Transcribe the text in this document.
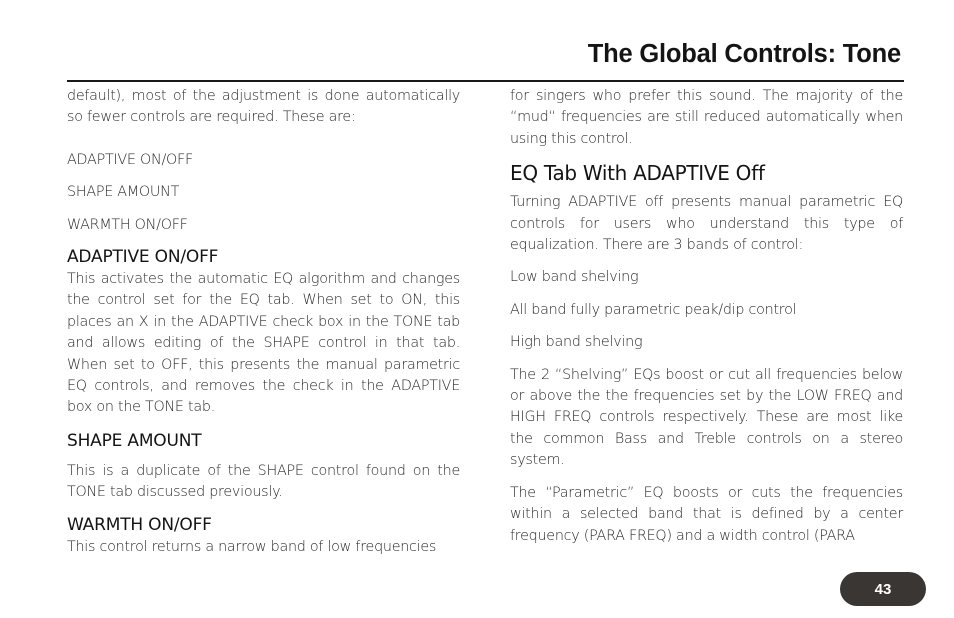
The Global Controls: Tone

default), most of the adjustment is done automatically so fewer controls are required. These are:

ADAPTIVE ON/OFF

SHAPE AMOUNT

WARMTH ON/OFF

ADAPTIVE ON/OFF

This activates the automatic EQ algorithm and changes the control set for the EQ tab. When set to ON, this places an X in the ADAPTIVE check box in the TONE tab and allows editing of the SHAPE control in that tab. When set to OFF, this presents the manual parametric EQ controls, and removes the check in the ADAPTIVE box on the TONE tab.

SHAPE AMOUNT

This is a duplicate of the SHAPE control found on the TONE tab discussed previously.

WARMTH ON/OFF

This control returns a narrow band of low frequencies

for singers who prefer this sound. The majority of the “mud“ frequencies are still reduced automatically when using this control.

EQ Tab With ADAPTIVE Off

Turning ADAPTIVE off presents manual parametric EQ controls for users who understand this type of equalization. There are 3 bands of control:

Low band shelving

All band fully parametric peak/dip control

High band shelving

The 2 “Shelving” EQs boost or cut all frequencies below or above the the frequencies set by the LOW FREQ and HIGH FREQ controls respectively. These are most like the common Bass and Treble controls on a stereo system.

The “Parametric” EQ boosts or cuts the frequencies within a selected band that is defined by a center frequency (PARA FREQ) and a width control (PARA

43
